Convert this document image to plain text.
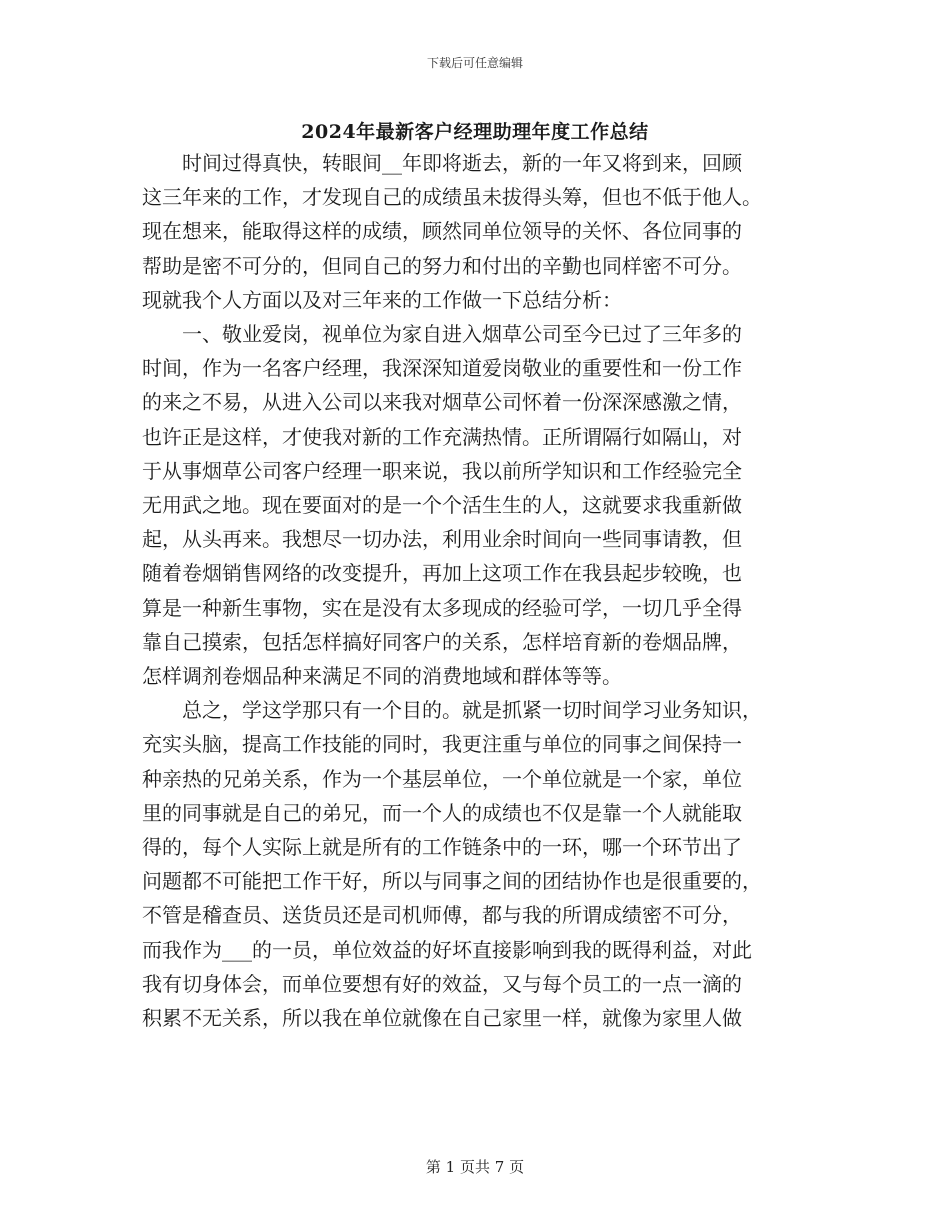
下载后可任意编辑
2024年最新客户经理助理年度工作总结

　　时间过得真快，转眼间__年即将逝去，新的一年又将到来，回顾
这三年来的工作，才发现自己的成绩虽未拔得头筹，但也不低于他人。
现在想来，能取得这样的成绩，顾然同单位领导的关怀、各位同事的
帮助是密不可分的，但同自己的努力和付出的辛勤也同样密不可分。
现就我个人方面以及对三年来的工作做一下总结分析：

　　一、敬业爱岗，视单位为家自进入烟草公司至今已过了三年多的
时间，作为一名客户经理，我深深知道爱岗敬业的重要性和一份工作
的来之不易，从进入公司以来我对烟草公司怀着一份深深感激之情，
也许正是这样，才使我对新的工作充满热情。正所谓隔行如隔山，对
于从事烟草公司客户经理一职来说，我以前所学知识和工作经验完全
无用武之地。现在要面对的是一个个活生生的人，这就要求我重新做
起，从头再来。我想尽一切办法，利用业余时间向一些同事请教，但
随着卷烟销售网络的改变提升，再加上这项工作在我县起步较晚，也
算是一种新生事物，实在是没有太多现成的经验可学，一切几乎全得
靠自己摸索，包括怎样搞好同客户的关系，怎样培育新的卷烟品牌，
怎样调剂卷烟品种来满足不同的消费地域和群体等等。

　　总之，学这学那只有一个目的。就是抓紧一切时间学习业务知识，
充实头脑，提高工作技能的同时，我更注重与单位的同事之间保持一
种亲热的兄弟关系，作为一个基层单位，一个单位就是一个家，单位
里的同事就是自己的弟兄，而一个人的成绩也不仅是靠一个人就能取
得的，每个人实际上就是所有的工作链条中的一环，哪一个环节出了
问题都不可能把工作干好，所以与同事之间的团结协作也是很重要的，
不管是稽查员、送货员还是司机师傅，都与我的所谓成绩密不可分，
而我作为___的一员，单位效益的好坏直接影响到我的既得利益，对此
我有切身体会，而单位要想有好的效益，又与每个员工的一点一滴的
积累不无关系，所以我在单位就像在自己家里一样，就像为家里人做

第 1 页共 7 页
